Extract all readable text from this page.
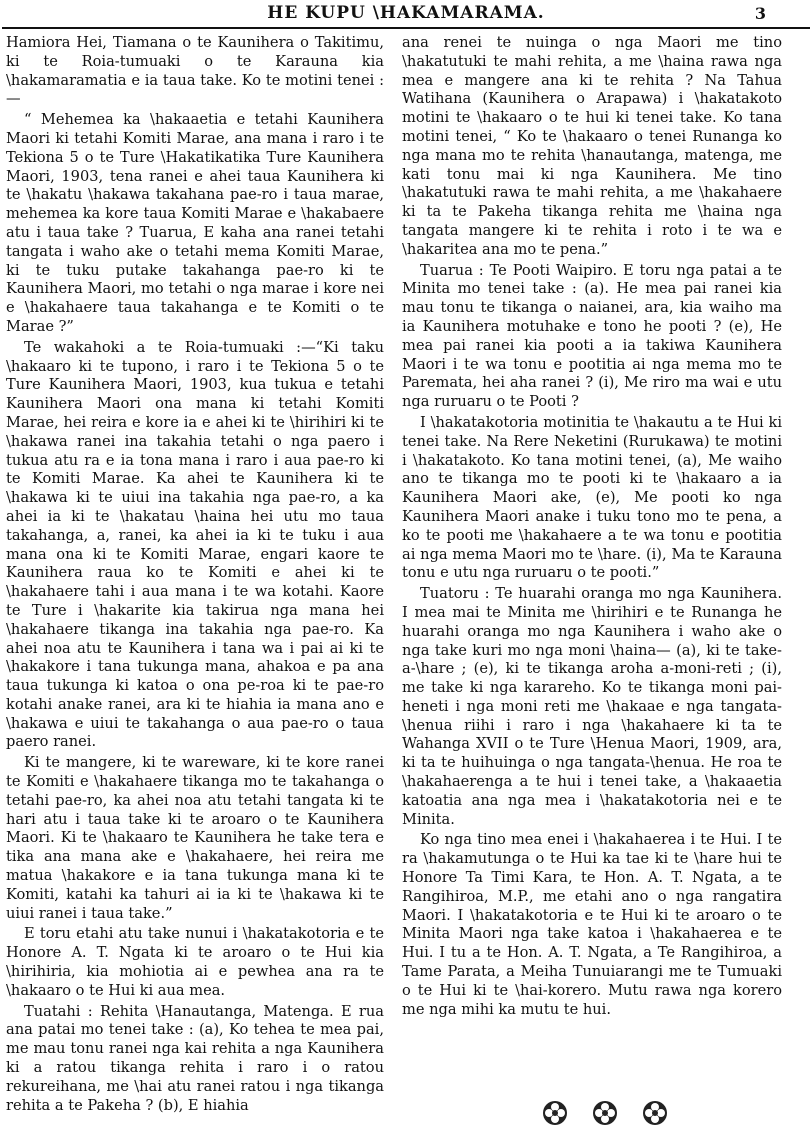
HE KUPU \HAKAMARAMA.	3

Hamiora Hei, Tiamana o te Kaunihera o Takitimu, ki te Roia-tumuaki o te Karauna kia \hakamaramatia e ia taua take. Ko te motini tenei :—

“ Mehemea ka \hakaaetia e tetahi Kaunihera Maori ki tetahi Komiti Marae, ana mana i raro i te Tekiona 5 o te Ture \Hakatikatika Ture Kaunihera Maori, 1903, tena ranei e ahei taua Kaunihera ki te \hakatu \hakawa takahana pae-ro i taua marae, mehemea ka kore taua Komiti Marae e \hakabaere atu i taua take ? Tuarua, E kaha ana ranei tetahi tangata i waho ake o tetahi mema Komiti Marae, ki te tuku putake takahanga pae-ro ki te Kaunihera Maori, mo tetahi o nga marae i kore nei e \hakahaere taua takahanga e te Komiti o te Marae ?”

Te wakahoki a te Roia-tumuaki :—“Ki taku \hakaaro ki te tupono, i raro i te Tekiona 5 o te Ture Kaunihera Maori, 1903, kua tukua e tetahi Kaunihera Maori ona mana ki tetahi Komiti Marae, hei reira e kore ia e ahei ki te \hirihiri ki te \hakawa ranei ina takahia tetahi o nga paero i tukua atu ra e ia tona mana i raro i aua pae-ro ki te Komiti Marae. Ka ahei te Kaunihera ki te \hakawa ki te uiui ina takahia nga pae-ro, a ka ahei ia ki te \hakatau \haina hei utu mo taua takahanga, a, ranei, ka ahei ia ki te tuku i aua mana ona ki te Komiti Marae, engari kaore te Kaunihera raua ko te Komiti e ahei ki te \hakahaere tahi i aua mana i te wa kotahi. Kaore te Ture i \hakarite kia takirua nga mana hei \hakahaere tikanga ina takahia nga pae-ro. Ka ahei noa atu te Kaunihera i tana wa i pai ai ki te \hakakore i tana tukunga mana, ahakoa e pa ana taua tukunga ki katoa o ona pe-roa ki te pae-ro kotahi anake ranei, ara ki te hiahia ia mana ano e \hakawa e uiui te takahanga o aua pae-ro o taua paero ranei.

Ki te mangere, ki te wareware, ki te kore ranei te Komiti e \hakahaere tikanga mo te takahanga o tetahi pae-ro, ka ahei noa atu tetahi tangata ki te hari atu i taua take ki te aroaro o te Kaunihera Maori. Ki te \hakaaro te Kaunihera he take tera e tika ana mana ake e \hakahaere, hei reira me matua \hakakore e ia tana tukunga mana ki te Komiti, katahi ka tahuri ai ia ki te \hakawa ki te uiui ranei i taua take.”

E toru etahi atu take nunui i \hakatakotoria e te Honore A. T. Ngata ki te aroaro o te Hui kia \hirihiria, kia mohiotia ai e pewhea ana ra te \hakaaro o te Hui ki aua mea.

Tuatahi : Rehita \Hanautanga, Matenga. E rua ana patai mo tenei take : (a), Ko tehea te mea pai, me mau tonu ranei nga kai rehita a nga Kaunihera ki a ratou tikanga rehita i raro i o ratou rekureihana, me \hai atu ranei ratou i nga tikanga rehita a te Pakeha ? (b), E hiahia

ana renei te nuinga o nga Maori me tino \hakatutuki te mahi rehita, a me \haina rawa nga mea e mangere ana ki te rehita ? Na Tahua Watihana (Kaunihera o Arapawa) i \hakatakoto motini te \hakaaro o te hui ki tenei take. Ko tana motini tenei, “ Ko te \hakaaro o tenei Runanga ko nga mana mo te rehita \hanautanga, matenga, me kati tonu mai ki nga Kaunihera. Me tino \hakatutuki rawa te mahi rehita, a me \hakahaere ki ta te Pakeha tikanga rehita me \haina nga tangata mangere ki te rehita i roto i te wa e \hakaritea ana mo te pena.”

Tuarua : Te Pooti Waipiro. E toru nga patai a te Minita mo tenei take : (a). He mea pai ranei kia mau tonu te tikanga o naianei, ara, kia waiho ma ia Kaunihera motuhake e tono he pooti ? (e), He mea pai ranei kia pooti a ia takiwa Kaunihera Maori i te wa tonu e pootitia ai nga mema mo te Paremata, hei aha ranei ? (i), Me riro ma wai e utu nga ruruaru o te Pooti ?

I \hakatakotoria motinitia te \hakautu a te Hui ki tenei take. Na Rere Neketini (Rurukawa) te motini i \hakatakoto. Ko tana motini tenei, (a), Me waiho ano te tikanga mo te pooti ki te \hakaaro a ia Kaunihera Maori ake, (e), Me pooti ko nga Kaunihera Maori anake i tuku tono mo te pena, a ko te pooti me \hakahaere a te wa tonu e pootitia ai nga mema Maori mo te \hare. (i), Ma te Karauna tonu e utu nga ruruaru o te pooti.”

Tuatoru : Te huarahi oranga mo nga Kaunihera. I mea mai te Minita me \hirihiri e te Runanga he huarahi oranga mo nga Kaunihera i waho ake o nga take kuri mo nga moni \haina— (a), ki te take-a-\hare ; (e), ki te tikanga aroha a-moni-reti ; (i), me take ki nga karareho. Ko te tikanga moni pai-heneti i nga moni reti me \hakaae e nga tangata-\henua riihi i raro i nga \hakahaere ki ta te Wahanga XVII o te Ture \Henua Maori, 1909, ara, ki ta te huihuinga o nga tangata-\henua. He roa te \hakahaerenga a te hui i tenei take, a \hakaaetia katoatia ana nga mea i \hakatakotoria nei e te Minita.

Ko nga tino mea enei i \hakahaerea i te Hui. I te ra \hakamutunga o te Hui ka tae ki te \hare hui te Honore Ta Timi Kara, te Hon. A. T. Ngata, a te Rangihiroa, M.P., me etahi ano o nga rangatira Maori. I \hakatakotoria e te Hui ki te aroaro o te Minita Maori nga take katoa i \hakahaerea e te Hui. I tu a te Hon. A. T. Ngata, a Te Rangihiroa, a Tame Parata, a Meiha Tunuiarangi me te Tumuaki o te Hui ki te \hai-korero. Mutu rawa nga korero me nga mihi ka mutu te hui.
